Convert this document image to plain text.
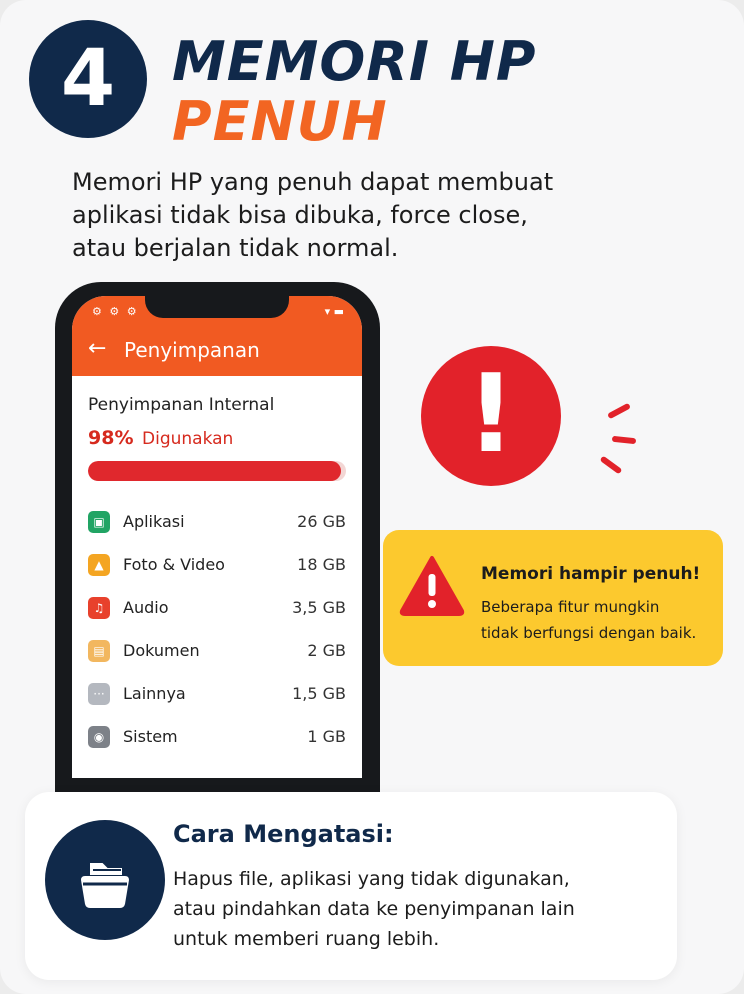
4 MEMORI HP
PENUH
Memori HP yang penuh dapat membuat
aplikasi tidak bisa dibuka, force close,
atau berjalan tidak normal.
⚙ ⚙ ⚙	▾ ▬
← Penyimpanan
Penyimpanan Internal
98% Digunakan
▣	Aplikasi	26 GB
▲	Foto & Video	18 GB
♫	Audio	3,5 GB
▤	Dokumen	2 GB
···	Lainnya	1,5 GB
◉	Sistem	1 GB
!
Memori hampir penuh!
Beberapa fitur mungkin
tidak berfungsi dengan baik.
Cara Mengatasi:
Hapus file, aplikasi yang tidak digunakan,
atau pindahkan data ke penyimpanan lain
untuk memberi ruang lebih.
